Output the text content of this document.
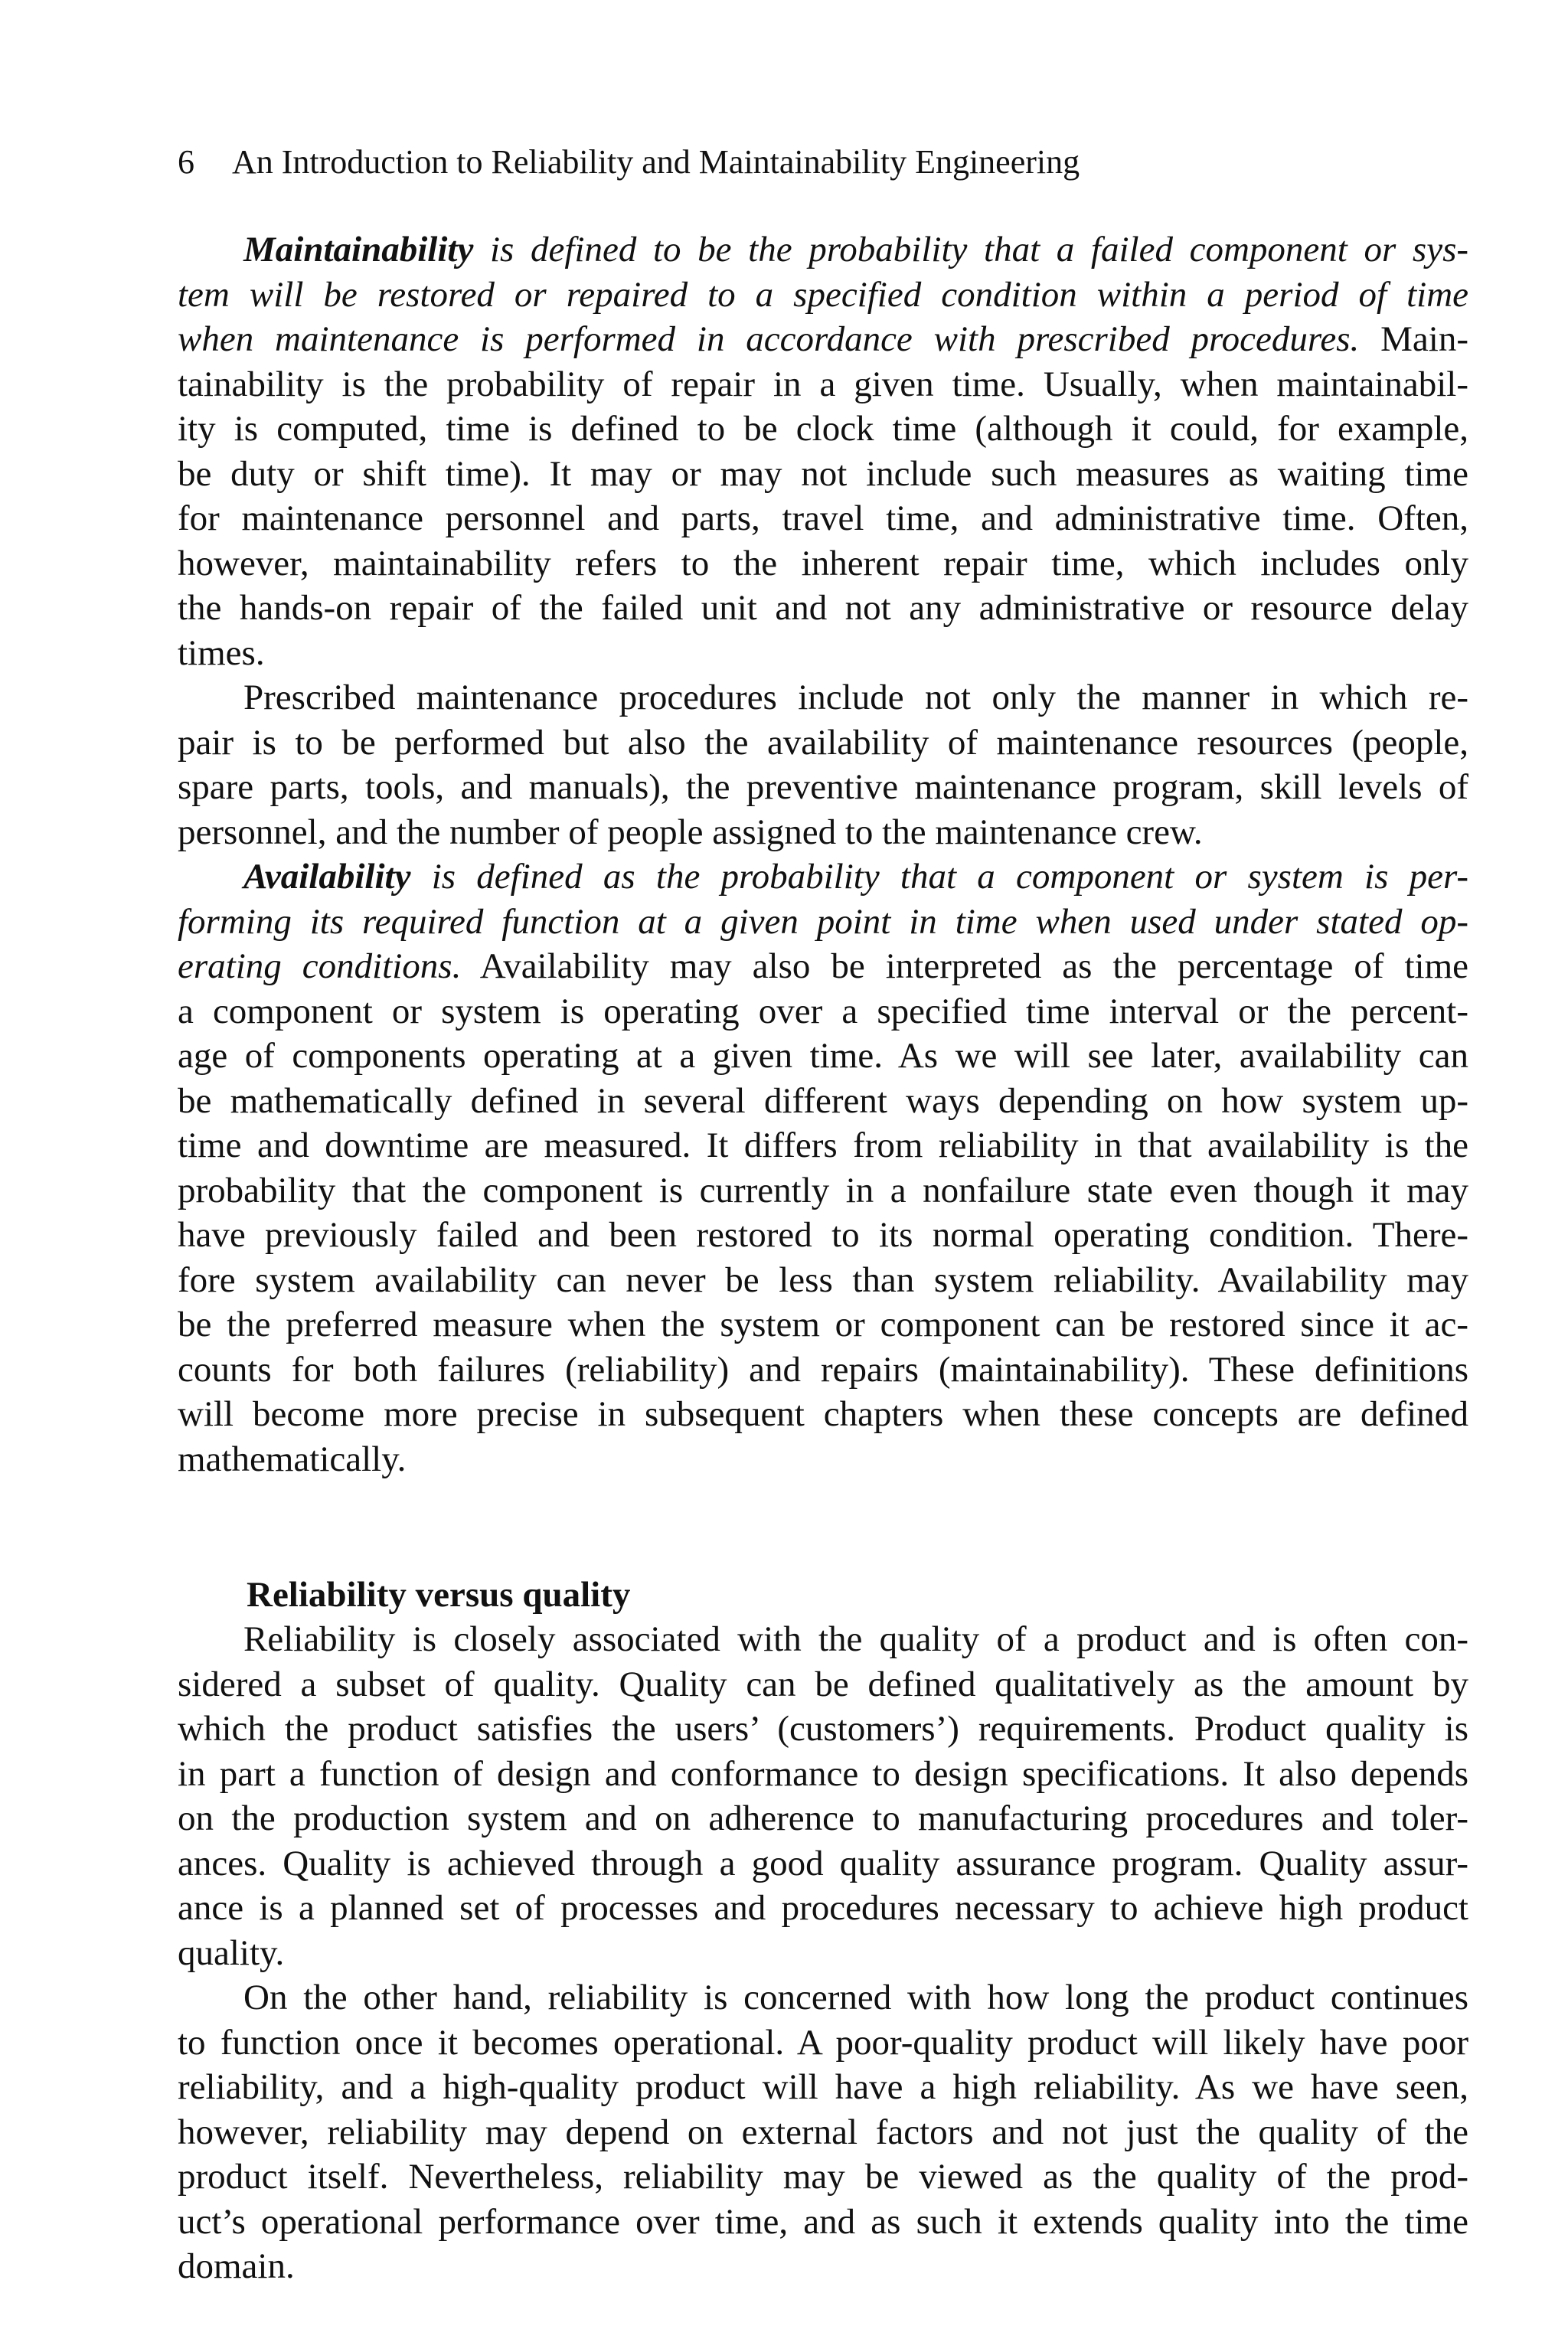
6 An Introduction to Reliability and Maintainability Engineering
Maintainability is defined to be the probability that a failed component or sys-
tem will be restored or repaired to a specified condition within a period of time
when maintenance is performed in accordance with prescribed procedures. Main-
tainability is the probability of repair in a given time. Usually, when maintainabil-
ity is computed, time is defined to be clock time (although it could, for example,
be duty or shift time). It may or may not include such measures as waiting time
for maintenance personnel and parts, travel time, and administrative time. Often,
however, maintainability refers to the inherent repair time, which includes only
the hands-on repair of the failed unit and not any administrative or resource delay
times.
Prescribed maintenance procedures include not only the manner in which re-
pair is to be performed but also the availability of maintenance resources (people,
spare parts, tools, and manuals), the preventive maintenance program, skill levels of
personnel, and the number of people assigned to the maintenance crew.
Availability is defined as the probability that a component or system is per-
forming its required function at a given point in time when used under stated op-
erating conditions. Availability may also be interpreted as the percentage of time
a component or system is operating over a specified time interval or the percent-
age of components operating at a given time. As we will see later, availability can
be mathematically defined in several different ways depending on how system up-
time and downtime are measured. It differs from reliability in that availability is the
probability that the component is currently in a nonfailure state even though it may
have previously failed and been restored to its normal operating condition. There-
fore system availability can never be less than system reliability. Availability may
be the preferred measure when the system or component can be restored since it ac-
counts for both failures (reliability) and repairs (maintainability). These definitions
will become more precise in subsequent chapters when these concepts are defined
mathematically.
Reliability versus quality
Reliability is closely associated with the quality of a product and is often con-
sidered a subset of quality. Quality can be defined qualitatively as the amount by
which the product satisfies the users’ (customers’) requirements. Product quality is
in part a function of design and conformance to design specifications. It also depends
on the production system and on adherence to manufacturing procedures and toler-
ances. Quality is achieved through a good quality assurance program. Quality assur-
ance is a planned set of processes and procedures necessary to achieve high product
quality.
On the other hand, reliability is concerned with how long the product continues
to function once it becomes operational. A poor-quality product will likely have poor
reliability, and a high-quality product will have a high reliability. As we have seen,
however, reliability may depend on external factors and not just the quality of the
product itself. Nevertheless, reliability may be viewed as the quality of the prod-
uct’s operational performance over time, and as such it extends quality into the time
domain.
